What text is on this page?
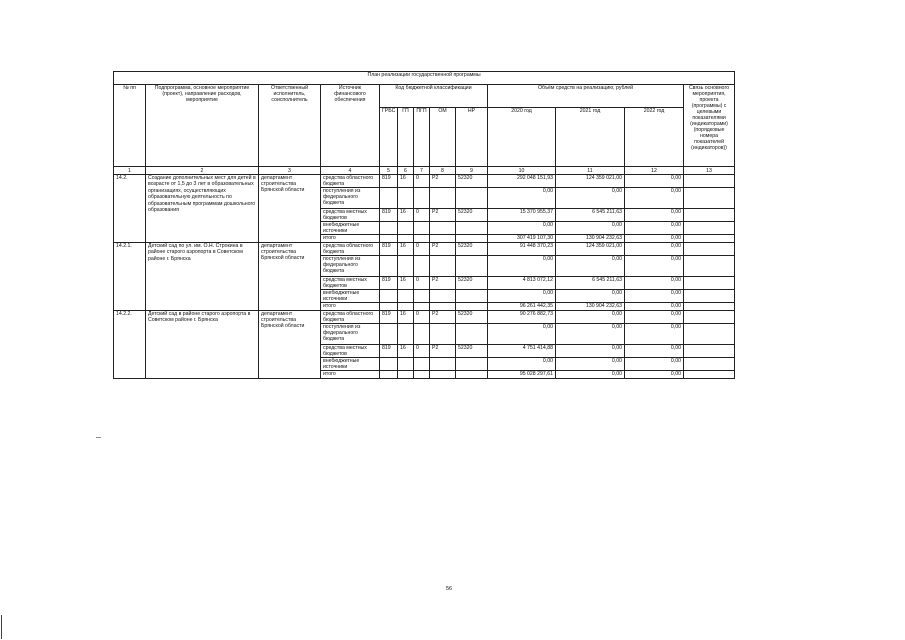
План реализации государственной программы												
№ пп	Подпрограмма, основное мероприятие (проект), направление расходов, мероприятие	Ответственный исполнитель, соисполнитель	Источник финансового обеспечения	Код бюджетной классификации					Объём средств на реализацию, рублей			Связь основного мероприятия, проекта (программы) с целевыми показателями (индикаторами) (порядковые номера показателей (индикаторов))
				ГРБС	ГП	ПГП	ОМ	НР	2020 год	2021 год	2022 год	
1	2	3	4	5	6	7	8	9	10	11	12	13
14.2.	Создание дополнительных мест для детей в возрасте от 1,5 до 3 лет в образовательных организациях, осуществляющих образовательную деятельность по образовательным программам дошкольного образования	департамент строительства Брянской области	средства областного бюджета	819	16	0	P2	52320	292 048 151,93	124 359 021,00	0,00	
			поступления из федерального бюджета						0,00	0,00	0,00	
			средства местных бюджетов	819	16	0	P2	52320	15 370 955,37	6 545 211,63	0,00	
			внебюджетные источники						0,00	0,00	0,00	
			итого						307 419 107,30	130 904 232,63	0,00	
14.2.1.	Детский сад по ул. им. О.Н. Строкина в районе старого аэропорта в Советском районе г. Брянска	департамент строительства Брянской области	средства областного бюджета	819	16	0	P2	52320	91 448 370,23	124 359 021,00	0,00	
			поступления из федерального бюджета						0,00	0,00	0,00	
			средства местных бюджетов	819	16	0	P2	52320	4 813 072,12	6 545 211,63	0,00	
			внебюджетные источники						0,00	0,00	0,00	
			итого						96 261 442,35	130 904 232,63	0,00	
14.2.2.	Детский сад в районе старого аэропорта в Советском районе г. Брянска	департамент строительства Брянской области	средства областного бюджета	819	16	0	P2	52320	90 276 882,73	0,00	0,00	
			поступления из федерального бюджета						0,00	0,00	0,00	
			средства местных бюджетов	819	16	0	P2	52320	4 751 414,88	0,00	0,00	
			внебюджетные источники						0,00	0,00	0,00	
			итого						95 028 297,61	0,00	0,00	
56
